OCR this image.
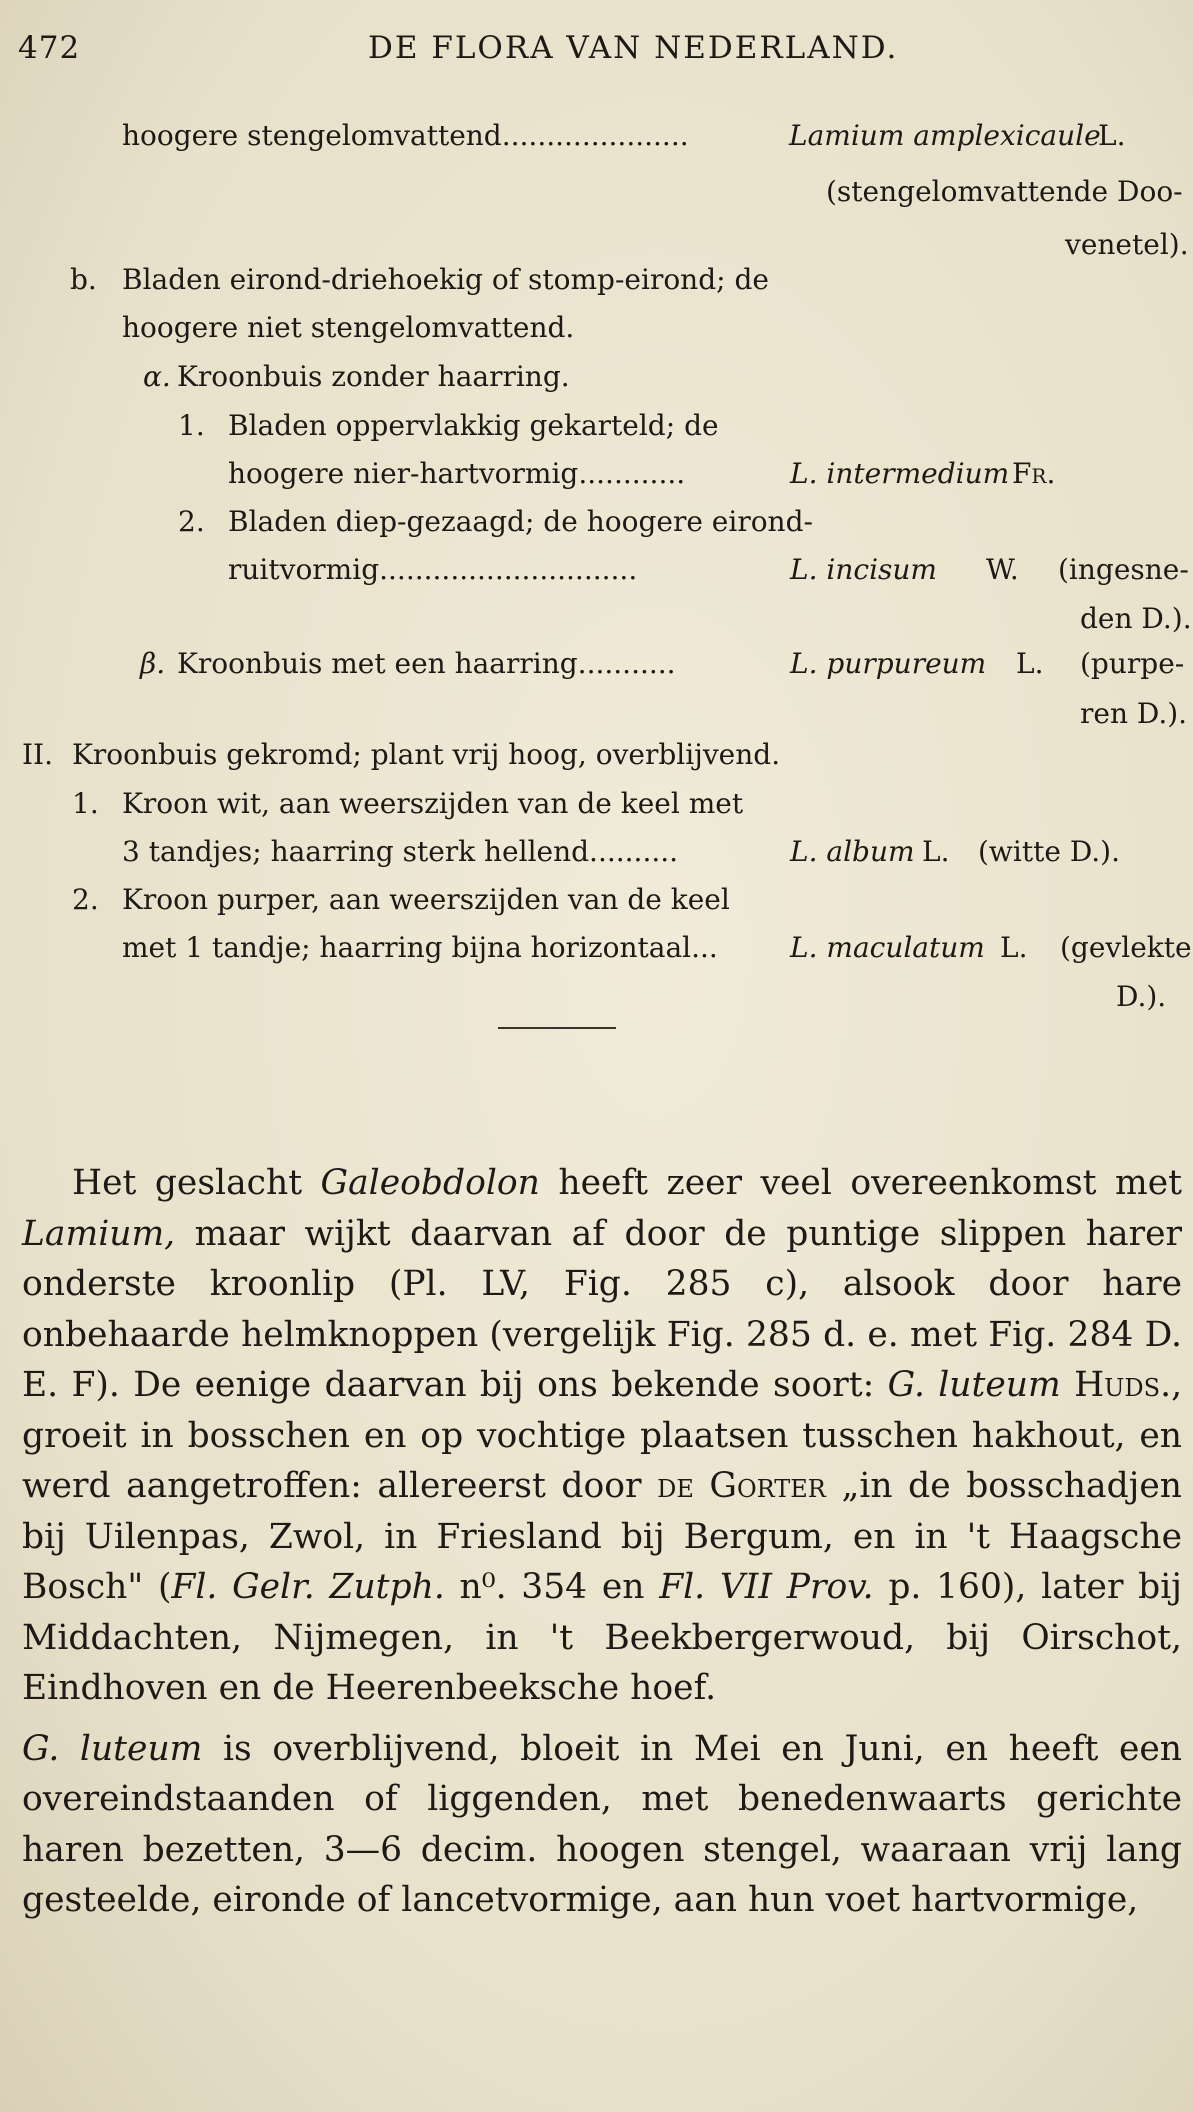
472	DE FLORA VAN NEDERLAND.
hoogere stengelomvattend.....................	Lamium amplexicaule
L.
(stengelomvattende Doo-
venetel).
b. Bladen eirond-driehoekig of stomp-eirond; de
hoogere niet stengelomvattend.
α. Kroonbuis zonder haarring.
1. Bladen oppervlakkig gekarteld; de
hoogere nier-hartvormig............	L. intermedium Fr.
2. Bladen diep-gezaagd; de hoogere eirond-
ruitvormig.............................	L. incisum W. (ingesne-
den D.).
β. Kroonbuis met een haarring...........	L. purpureum L. (purpe-
ren D.).
II. Kroonbuis gekromd; plant vrij hoog, overblijvend.
1. Kroon wit, aan weerszijden van de keel met
3 tandjes; haarring sterk hellend..........	L. album L. (witte D.).
2. Kroon purper, aan weerszijden van de keel
met 1 tandje; haarring bijna horizontaal...	L. maculatum L. (gevlekte
D.).

Het geslacht Galeobdolon heeft zeer veel overeenkomst met Lamium, maar wijkt daarvan af door de puntige slippen harer onderste kroonlip (Pl. LV, Fig. 285 c), alsook door hare onbehaarde helmknoppen (vergelijk Fig. 285 d. e. met Fig. 284 D. E. F). De eenige daarvan bij ons bekende soort: G. luteum Huds., groeit in bosschen en op vochtige plaatsen tusschen hakhout, en werd aangetroffen: allereerst door de Gorter „in de bosschadjen bij Uilenpas, Zwol, in Friesland bij Bergum, en in 't Haagsche Bosch" (Fl. Gelr. Zutph. n⁰. 354 en Fl. VII Prov. p. 160), later bij Middachten, Nijmegen, in 't Beekbergerwoud, bij Oirschot, Eindhoven en de Heerenbeeksche hoef.

G. luteum is overblijvend, bloeit in Mei en Juni, en heeft een overeindstaanden of liggenden, met benedenwaarts gerichte haren bezetten, 3—6 decim. hoogen stengel, waaraan vrij lang gesteelde, eironde of lancetvormige, aan hun voet hartvormige,
